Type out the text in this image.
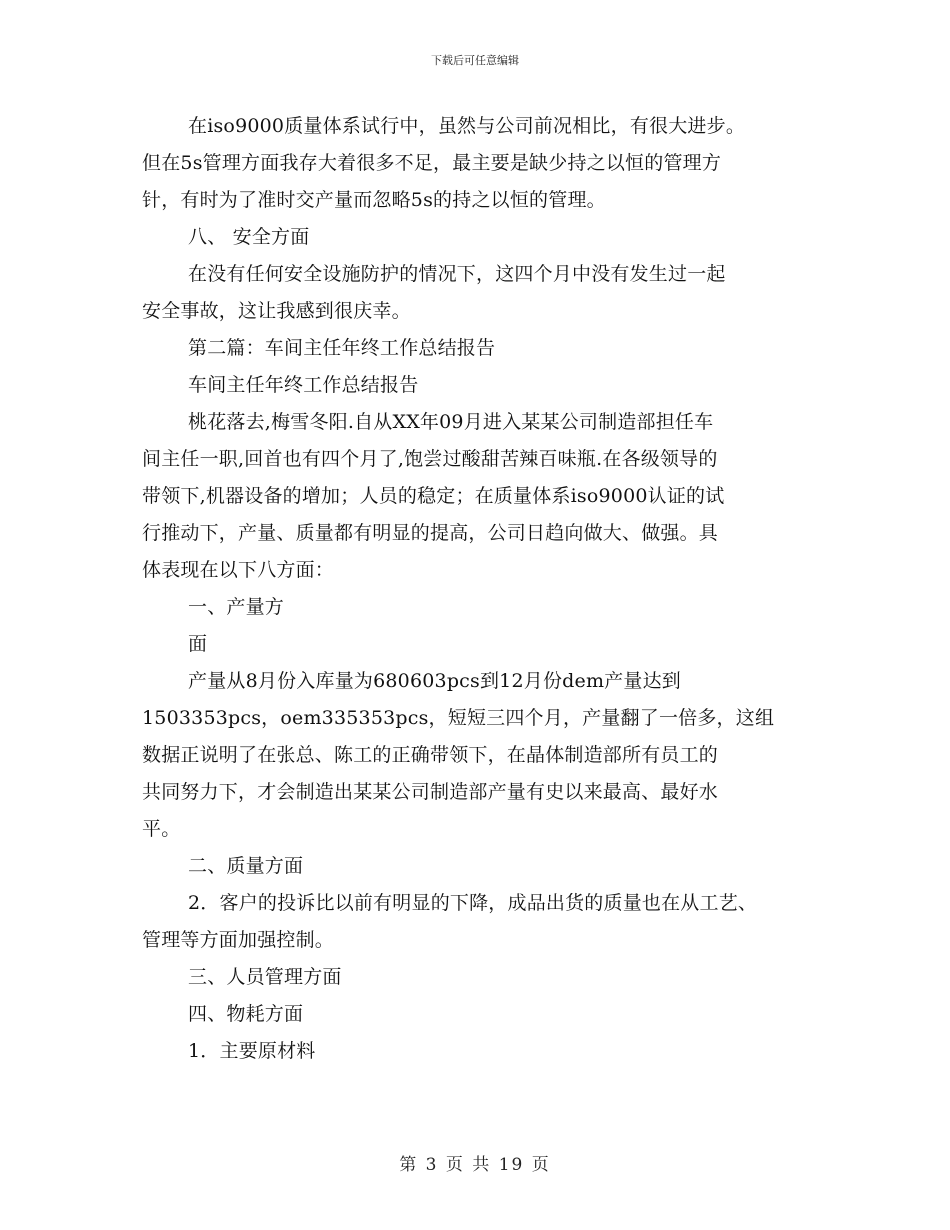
下载后可任意编辑
在iso9000质量体系试行中，虽然与公司前况相比，有很大进步。
但在5s管理方面我存大着很多不足，最主要是缺少持之以恒的管理方
针，有时为了准时交产量而忽略5s的持之以恒的管理。
八、 安全方面
在没有任何安全设施防护的情况下，这四个月中没有发生过一起
安全事故，这让我感到很庆幸。
第二篇：车间主任年终工作总结报告
车间主任年终工作总结报告
桃花落去,梅雪冬阳.自从XX年09月进入某某公司制造部担任车
间主任一职,回首也有四个月了,饱尝过酸甜苦辣百味瓶.在各级领导的
带领下,机器设备的增加；人员的稳定；在质量体系iso9000认证的试
行推动下，产量、质量都有明显的提高，公司日趋向做大、做强。具
体表现在以下八方面：
一、产量方
面
产量从8月份入库量为680603pcs到12月份dem产量达到
1503353pcs，oem335353pcs，短短三四个月，产量翻了一倍多，这组
数据正说明了在张总、陈工的正确带领下，在晶体制造部所有员工的
共同努力下，才会制造出某某公司制造部产量有史以来最高、最好水
平。
二、质量方面
2．客户的投诉比以前有明显的下降，成品出货的质量也在从工艺、
管理等方面加强控制。
三、人员管理方面
四、物耗方面
1．主要原材料
第 3 页 共 19 页
